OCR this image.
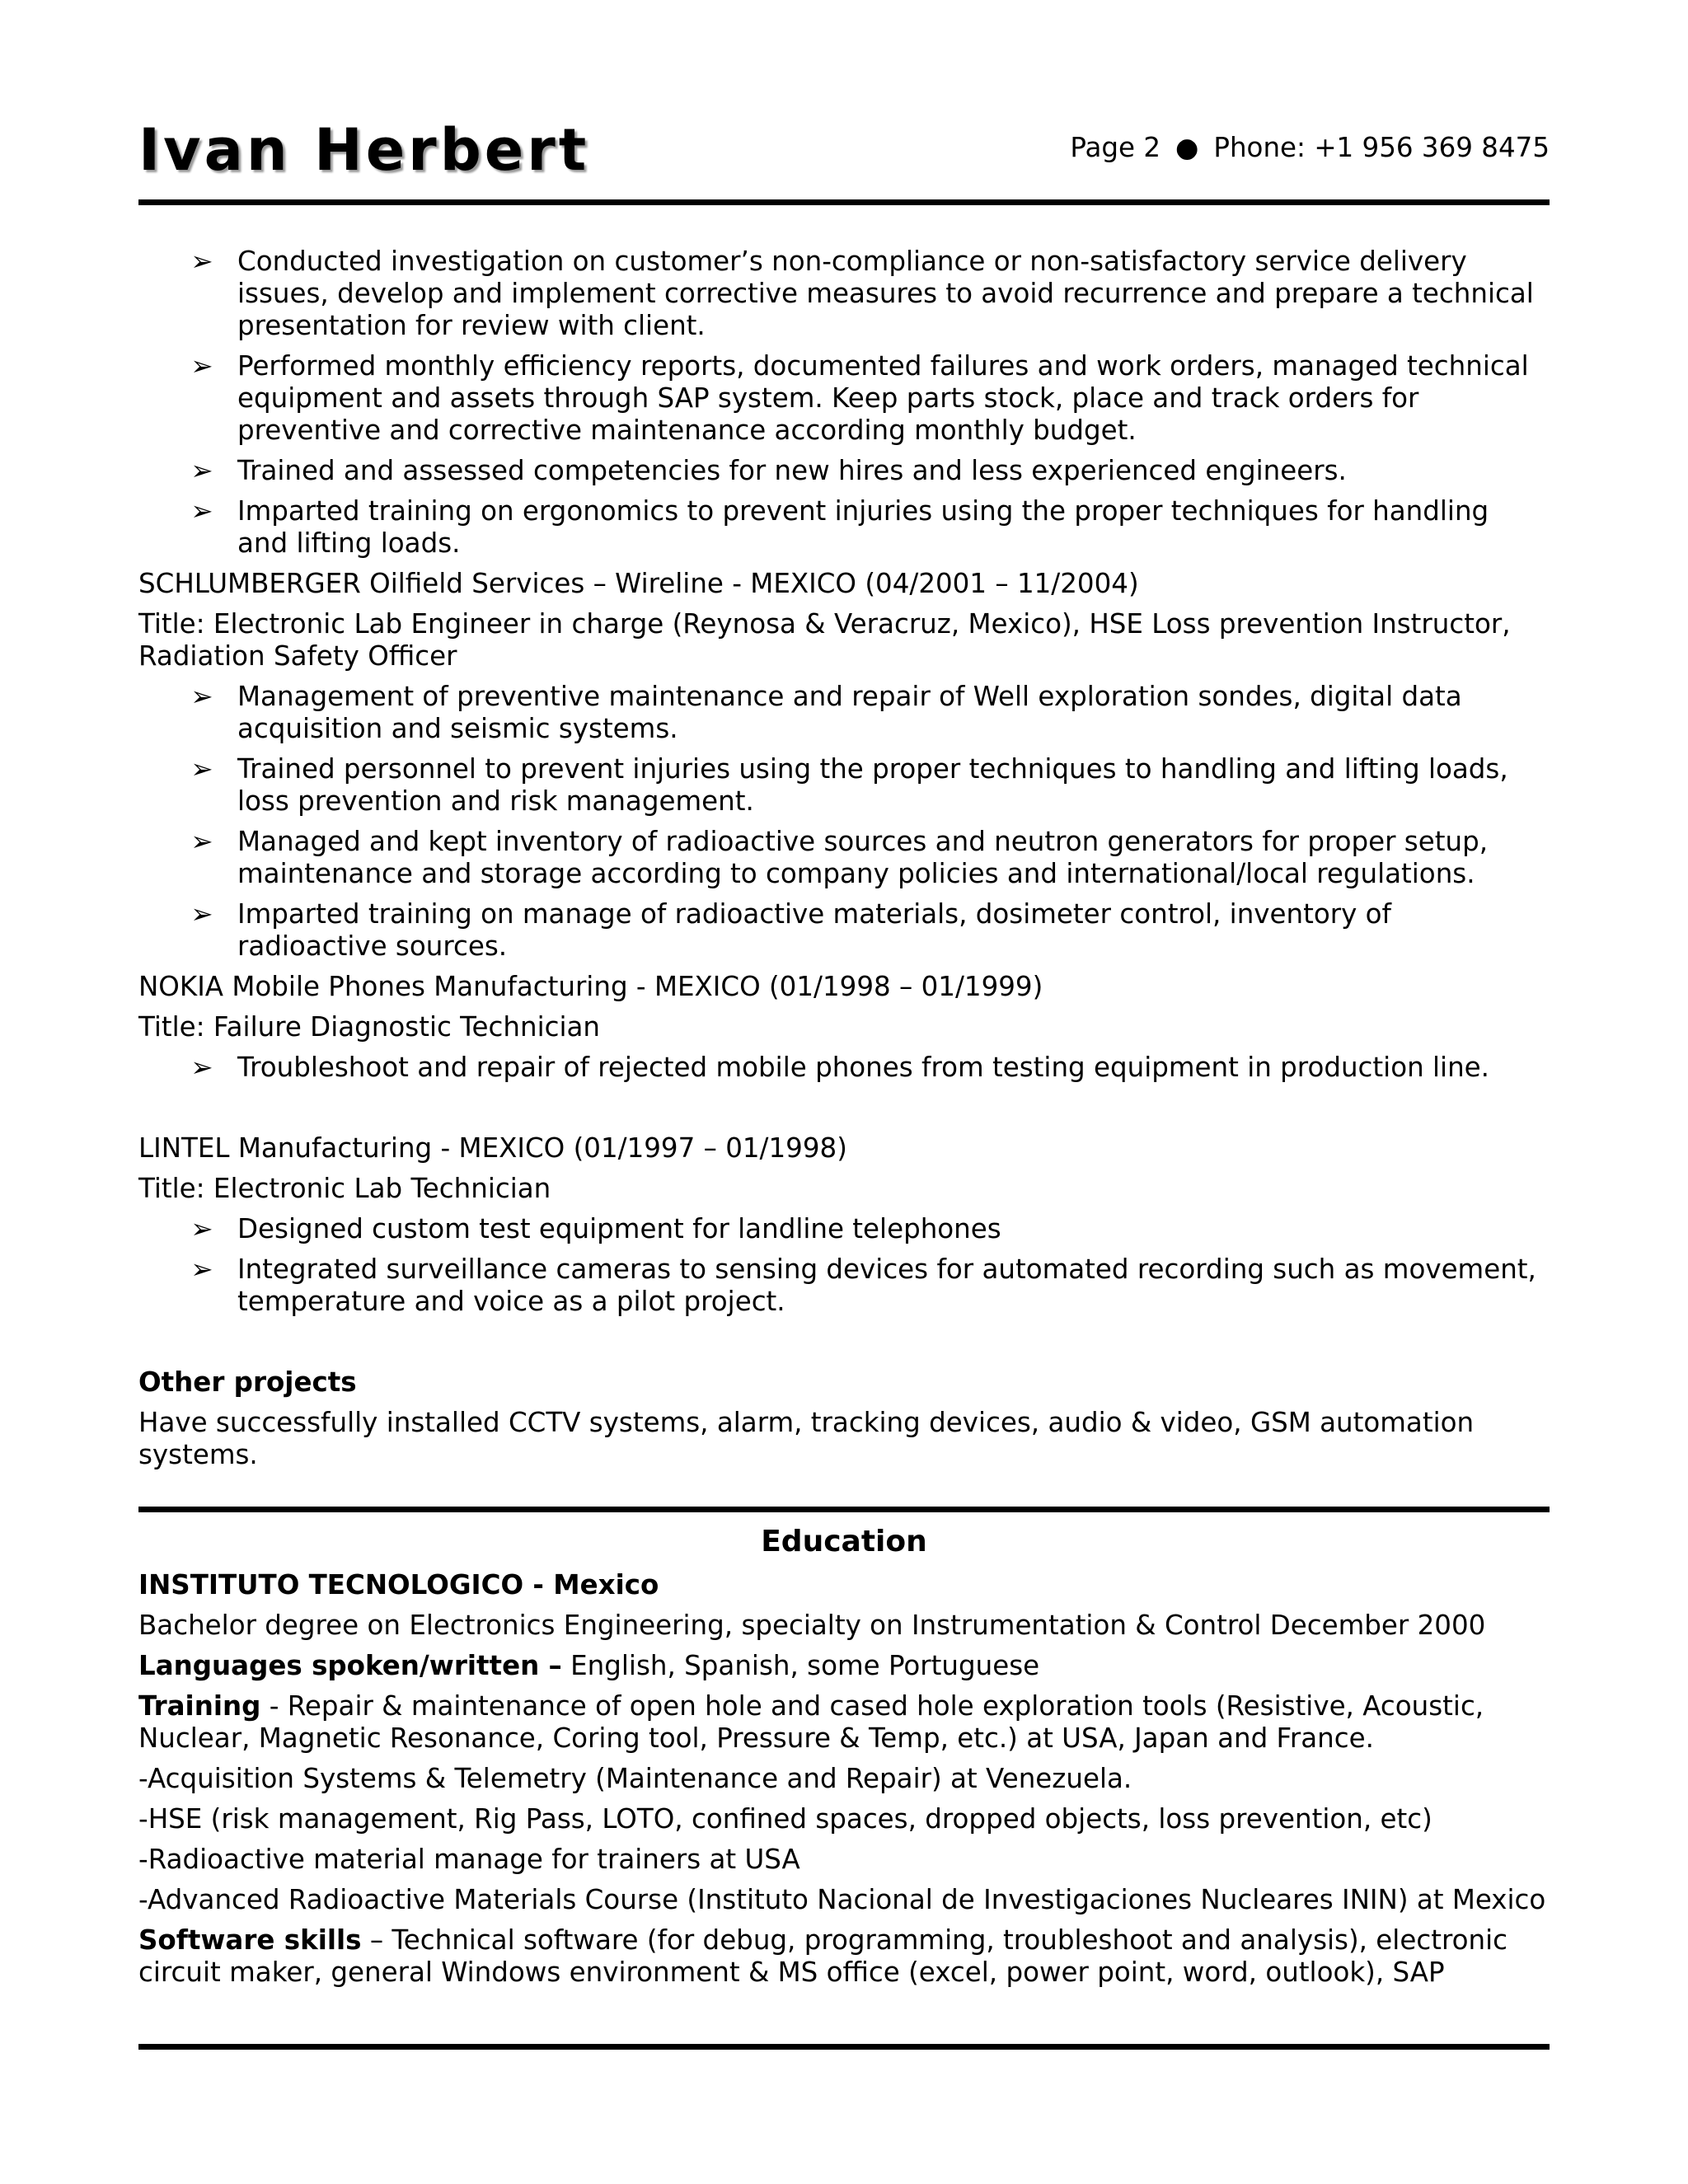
Ivan Herbert	Page 2 ● Phone: +1 956 369 8475
➢ Conducted investigation on customer’s non-compliance or non-satisfactory service delivery issues, develop and implement corrective measures to avoid recurrence and prepare a technical presentation for review with client.
➢ Performed monthly efficiency reports, documented failures and work orders, managed technical equipment and assets through SAP system. Keep parts stock, place and track orders for preventive and corrective maintenance according monthly budget.
➢ Trained and assessed competencies for new hires and less experienced engineers.
➢ Imparted training on ergonomics to prevent injuries using the proper techniques for handling and lifting loads.
SCHLUMBERGER Oilfield Services – Wireline - MEXICO (04/2001 – 11/2004)
Title: Electronic Lab Engineer in charge (Reynosa & Veracruz, Mexico), HSE Loss prevention Instructor, Radiation Safety Officer
➢ Management of preventive maintenance and repair of Well exploration sondes, digital data acquisition and seismic systems.
➢ Trained personnel to prevent injuries using the proper techniques to handling and lifting loads, loss prevention and risk management.
➢ Managed and kept inventory of radioactive sources and neutron generators for proper setup, maintenance and storage according to company policies and international/local regulations.
➢ Imparted training on manage of radioactive materials, dosimeter control, inventory of radioactive sources.
NOKIA Mobile Phones Manufacturing - MEXICO (01/1998 – 01/1999)
Title: Failure Diagnostic Technician
➢ Troubleshoot and repair of rejected mobile phones from testing equipment in production line.
LINTEL Manufacturing - MEXICO (01/1997 – 01/1998)
Title: Electronic Lab Technician
➢ Designed custom test equipment for landline telephones
➢ Integrated surveillance cameras to sensing devices for automated recording such as movement, temperature and voice as a pilot project.
Other projects
Have successfully installed CCTV systems, alarm, tracking devices, audio & video, GSM automation systems.
Education
INSTITUTO TECNOLOGICO - Mexico
Bachelor degree on Electronics Engineering, specialty on Instrumentation & Control December 2000
Languages spoken/written – English, Spanish, some Portuguese
Training - Repair & maintenance of open hole and cased hole exploration tools (Resistive, Acoustic, Nuclear, Magnetic Resonance, Coring tool, Pressure & Temp, etc.) at USA, Japan and France.
-Acquisition Systems & Telemetry (Maintenance and Repair) at Venezuela.
-HSE (risk management, Rig Pass, LOTO, confined spaces, dropped objects, loss prevention, etc)
-Radioactive material manage for trainers at USA
-Advanced Radioactive Materials Course (Instituto Nacional de Investigaciones Nucleares ININ) at Mexico
Software skills – Technical software (for debug, programming, troubleshoot and analysis), electronic circuit maker, general Windows environment & MS office (excel, power point, word, outlook), SAP
